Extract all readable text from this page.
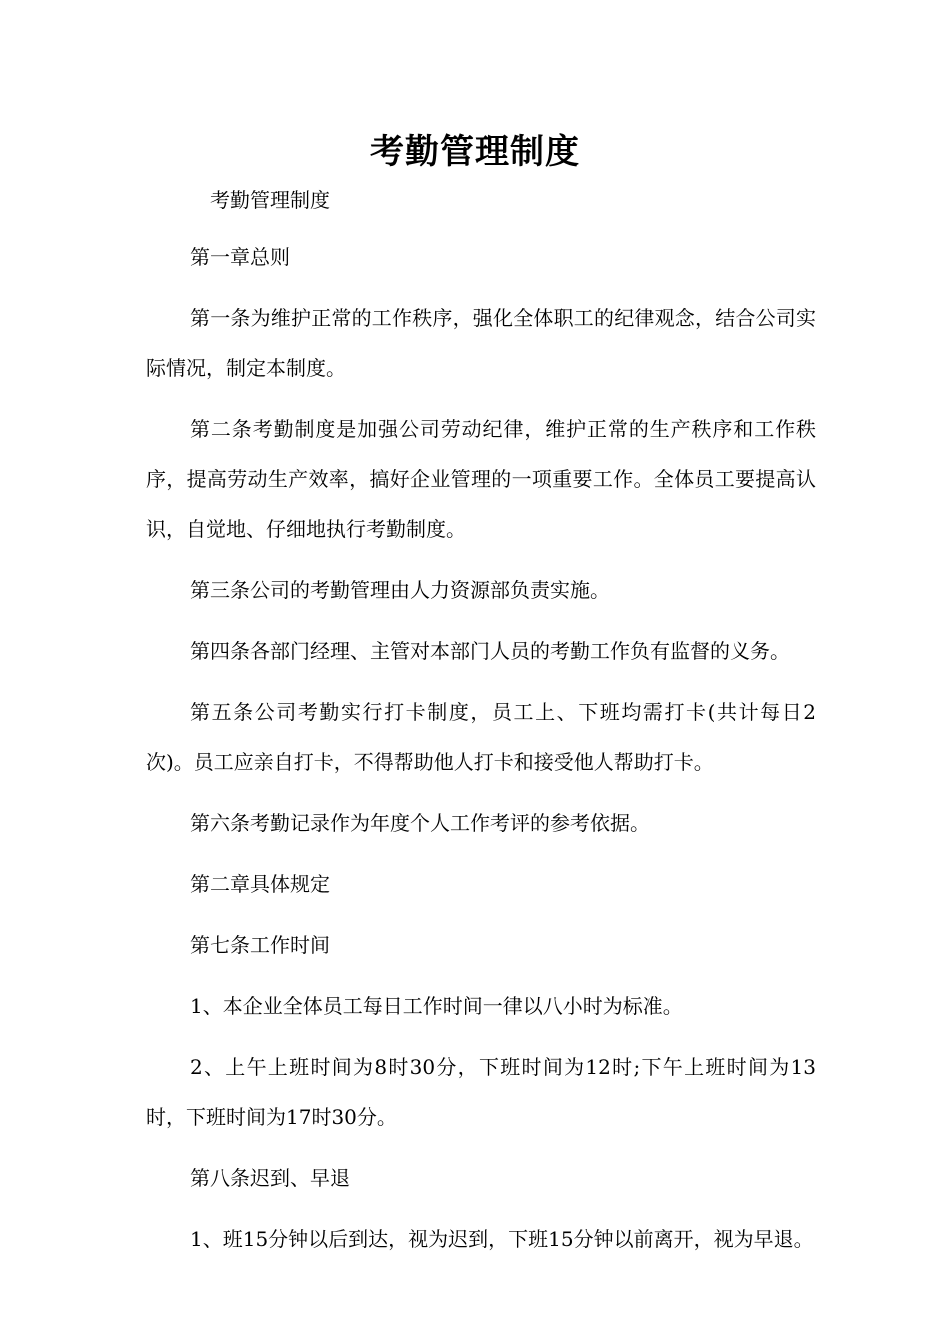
考勤管理制度

考勤管理制度

第一章总则

第一条为维护正常的工作秩序，强化全体职工的纪律观念，结合公司实际情况，制定本制度。

第二条考勤制度是加强公司劳动纪律，维护正常的生产秩序和工作秩序，提高劳动生产效率，搞好企业管理的一项重要工作。全体员工要提高认识，自觉地、仔细地执行考勤制度。

第三条公司的考勤管理由人力资源部负责实施。

第四条各部门经理、主管对本部门人员的考勤工作负有监督的义务。

第五条公司考勤实行打卡制度，员工上、下班均需打卡(共计每日2次)。员工应亲自打卡，不得帮助他人打卡和接受他人帮助打卡。

第六条考勤记录作为年度个人工作考评的参考依据。

第二章具体规定

第七条工作时间

1、本企业全体员工每日工作时间一律以八小时为标准。

2、上午上班时间为8时30分，下班时间为12时;下午上班时间为13时，下班时间为17时30分。

第八条迟到、早退

1、班15分钟以后到达，视为迟到，下班15分钟以前离开，视为早退。
